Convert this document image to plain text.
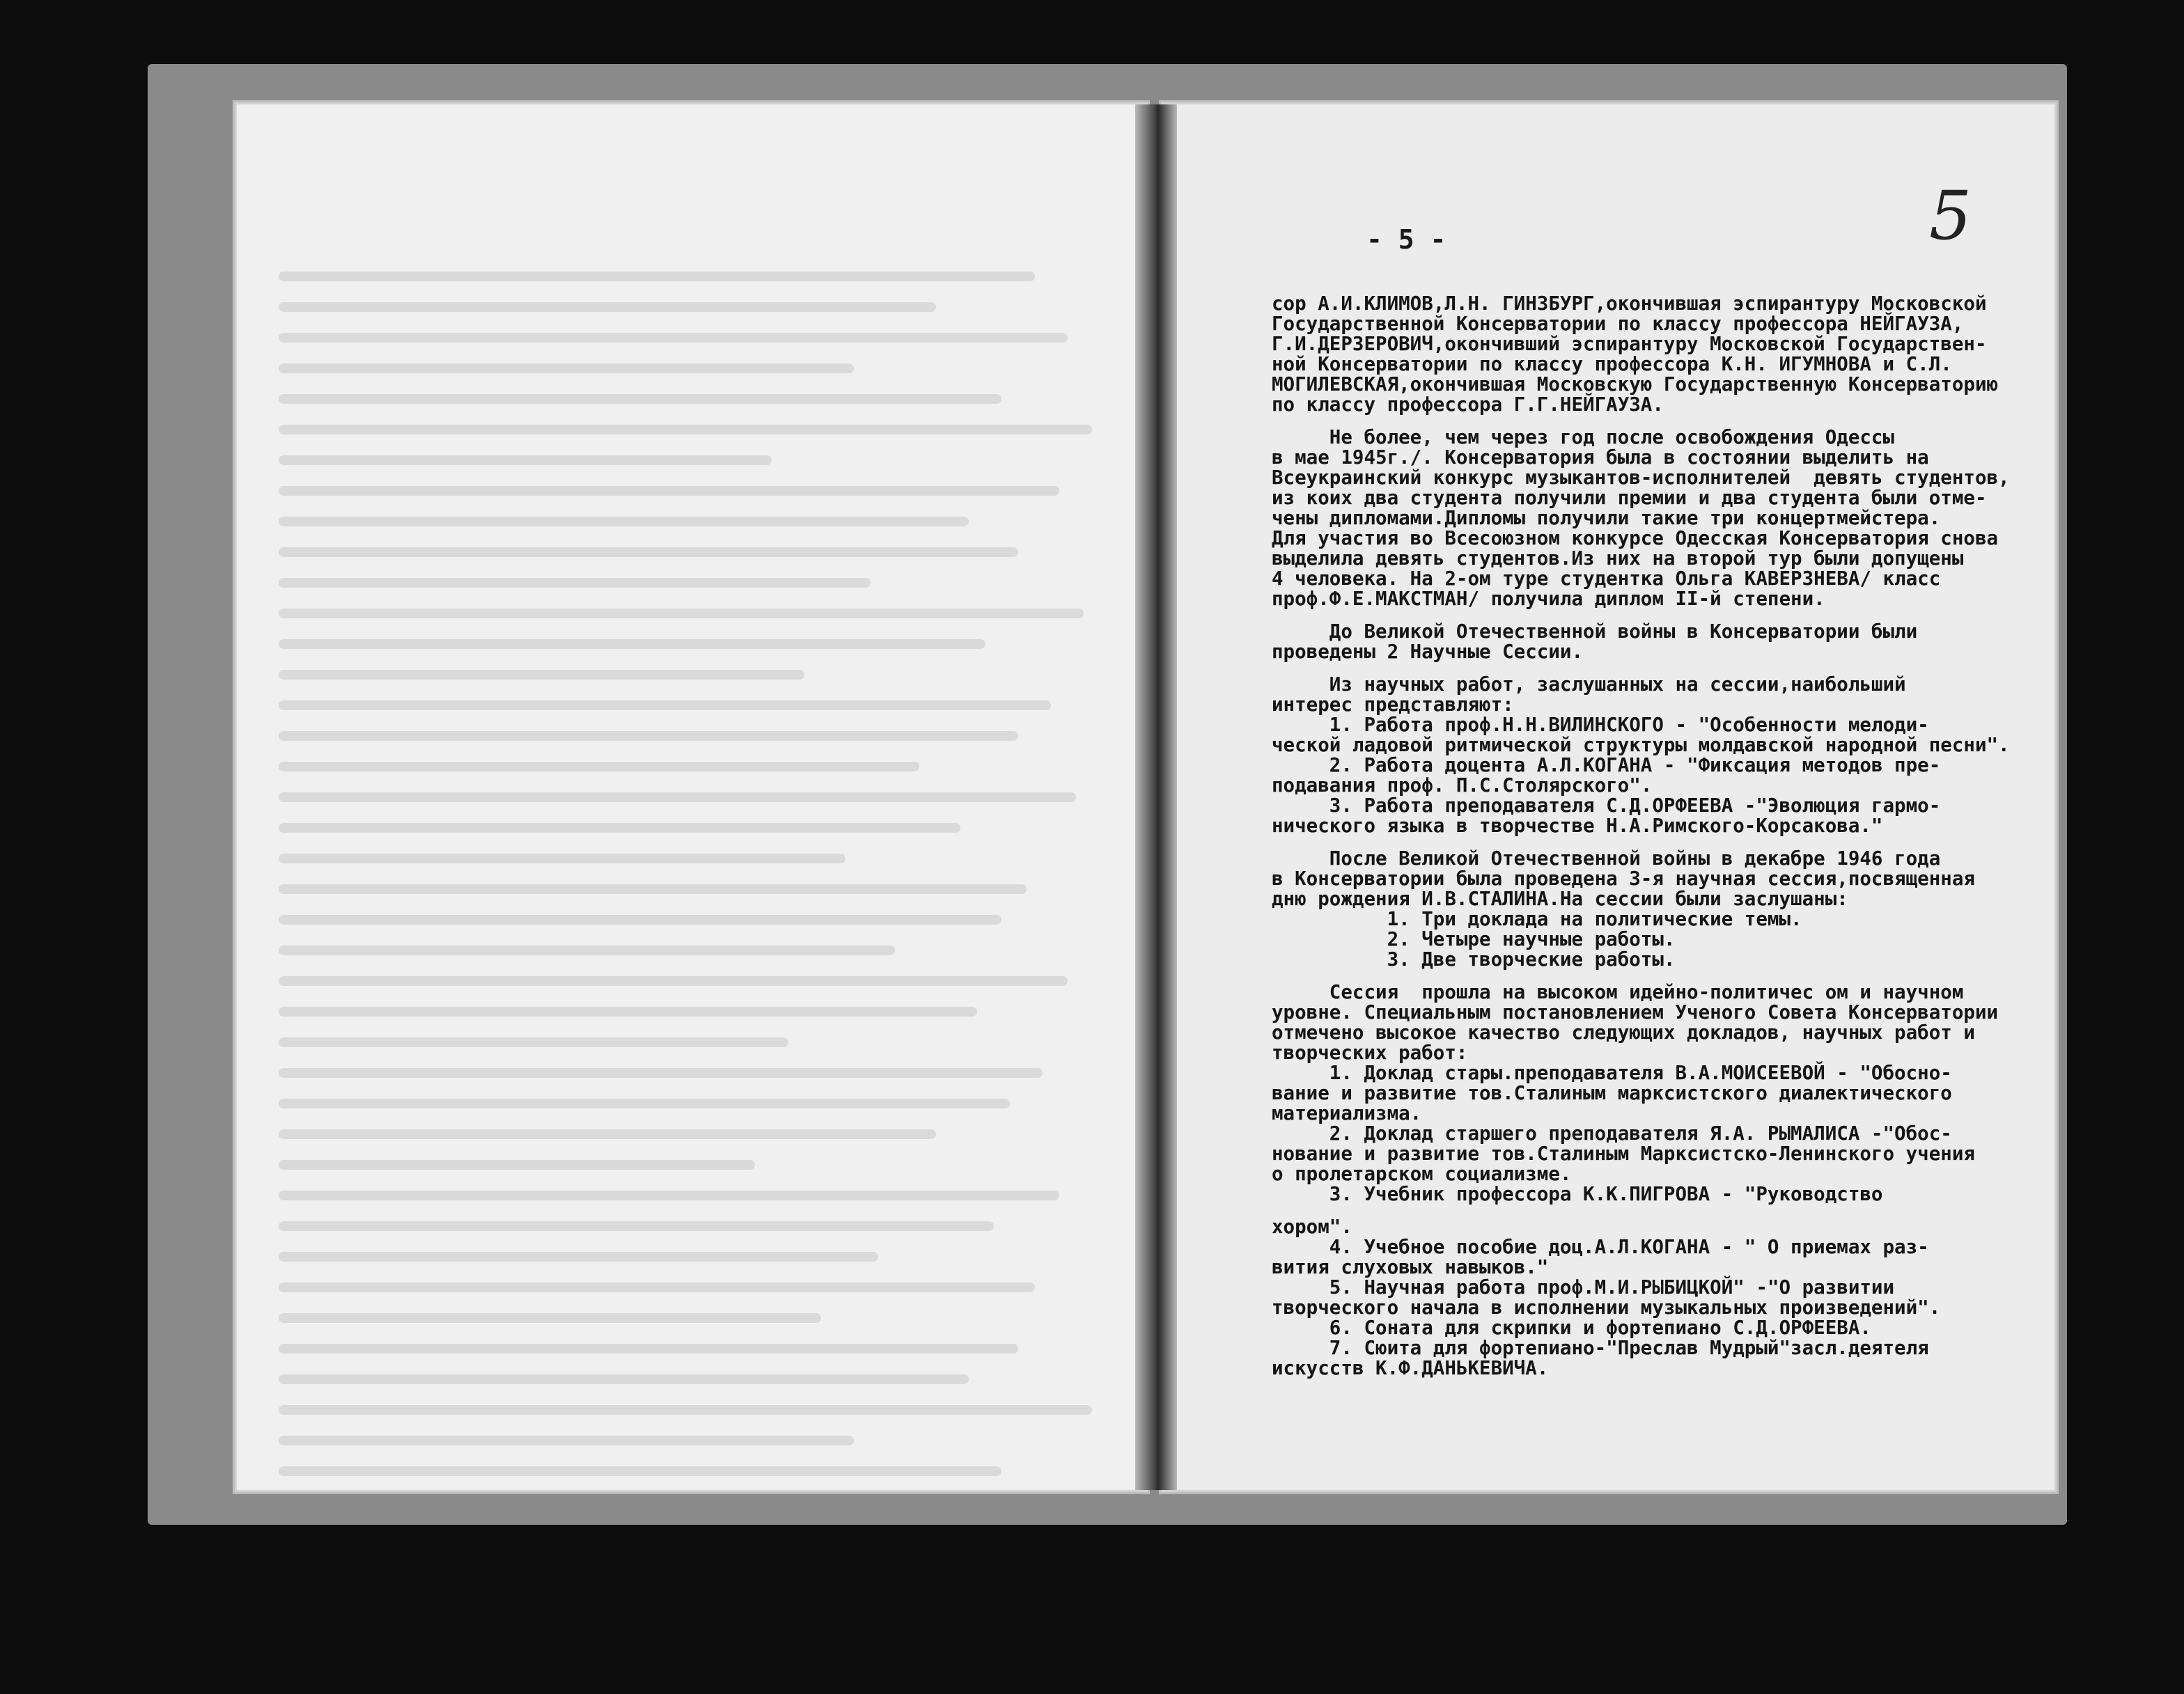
- 5 -	5
сор А.И.КЛИМОВ,Л.Н. ГИНЗБУРГ,окончившая эспирантуру Московской
Государственной Консерватории по классу профессора НЕЙГАУЗА,
Г.И.ДЕРЗЕРОВИЧ,окончивший эспирантуру Московской Государствен-
ной Консерватории по классу профессора К.Н. ИГУМНОВА и С.Л.
МОГИЛЕВСКАЯ,окончившая Московскую Государственную Консерваторию
по классу профессора Г.Г.НЕЙГАУЗА.
Не более, чем через год после освобождения Одессы
в мае 1945г./. Консерватория была в состоянии выделить на
Всеукраинский конкурс музыкантов-исполнителей  девять студентов,
из коих два студента получили премии и два студента были отме-
чены дипломами.Дипломы получили такие три концертмейстера.
Для участия во Всесоюзном конкурсе Одесская Консерватория снова
выделила девять студентов.Из них на второй тур были допущены
4 человека. На 2-ом туре студентка Ольга КАВЕРЗНЕВА/ класс
проф.Ф.Е.МАКСТМАН/ получила диплом II-й степени.
До Великой Отечественной войны в Консерватории были
проведены 2 Научные Сессии.
Из научных работ, заслушанных на сессии,наибольший
интерес представляют:
1. Работа проф.Н.Н.ВИЛИНСКОГО - "Особенности мелоди-
ческой ладовой ритмической структуры молдавской народной песни".
2. Работа доцента А.Л.КОГАНА - "Фиксация методов пре-
подавания проф. П.С.Столярского".
3. Работа преподавателя С.Д.ОРФЕЕВА -"Эволюция гармо-
нического языка в творчестве Н.А.Римского-Корсакова."
После Великой Отечественной войны в декабре 1946 года
в Консерватории была проведена 3-я научная сессия,посвященная
дню рождения И.В.СТАЛИНА.На сессии были заслушаны:
1. Три доклада на политические темы.
2. Четыре научные работы.
3. Две творческие работы.
Сессия  прошла на высоком идейно-политичес ом и научном
уровне. Специальным постановлением Ученого Совета Консерватории
отмечено высокое качество следующих докладов, научных работ и
творческих работ:
1. Доклад стары.преподавателя В.А.МОИСЕЕВОЙ - "Обосно-
вание и развитие тов.Сталиным марксистского диалектического
материализма.
2. Доклад старшего преподавателя Я.А. РЫМАЛИСА -"Обос-
нование и развитие тов.Сталиным Марксистско-Ленинского учения
о пролетарском социализме.
3. Учебник профессора К.К.ПИГРОВА - "Руководство
хором".
4. Учебное пособие доц.А.Л.КОГАНА - " О приемах раз-
вития слуховых навыков."
5. Научная работа проф.М.И.РЫБИЦКОЙ" -"О развитии
творческого начала в исполнении музыкальных произведений".
6. Соната для скрипки и фортепиано С.Д.ОРФЕЕВА.
7. Сюита для фортепиано-"Преслав Мудрый"засл.деятеля
искусств К.Ф.ДАНЬКЕВИЧА.
